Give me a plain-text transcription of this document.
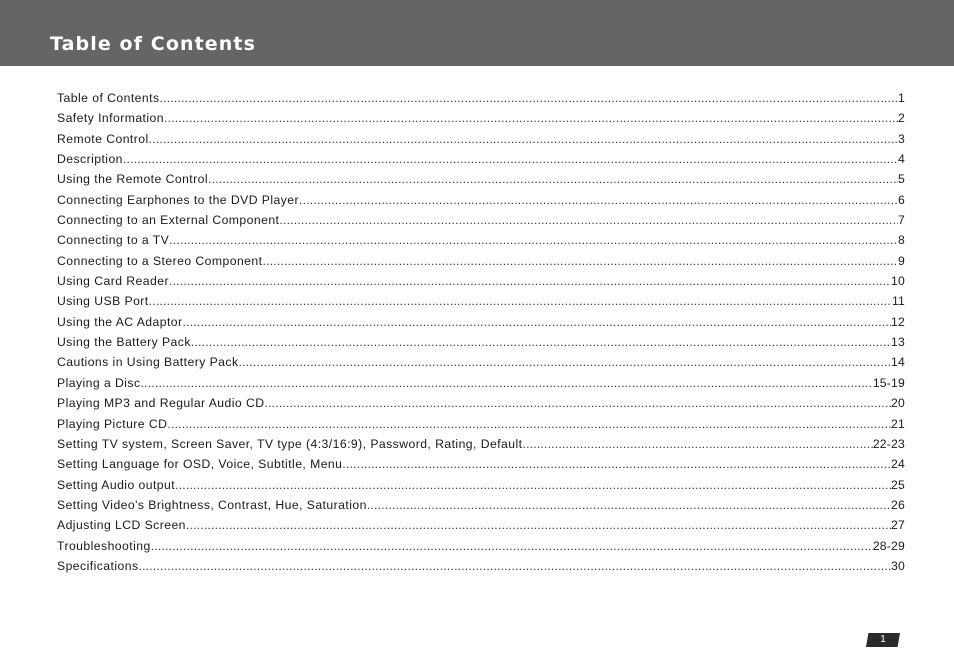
Table of Contents
Table of Contents .....	1
Safety Information .....	2
Remote Control .....	3
Description .....	4
Using the Remote Control .....	5
Connecting Earphones to the DVD Player .....	6
Connecting to an External Component .....	7
Connecting to a TV .....	8
Connecting to a Stereo Component .....	9
Using Card Reader .....	10
Using USB Port .....	11
Using the AC Adaptor .....	12
Using the Battery Pack .....	13
Cautions in Using Battery Pack .....	14
Playing a Disc .....	15-19
Playing MP3 and Regular Audio CD .....	20
Playing Picture CD .....	21
Setting TV system, Screen Saver, TV type (4:3/16:9), Password, Rating, Default .....	22-23
Setting Language for OSD, Voice, Subtitle, Menu .....	24
Setting Audio output .....	25
Setting Video's Brightness, Contrast, Hue, Saturation .....	26
Adjusting LCD Screen .....	27
Troubleshooting .....	28-29
Specifications .....	30
1
